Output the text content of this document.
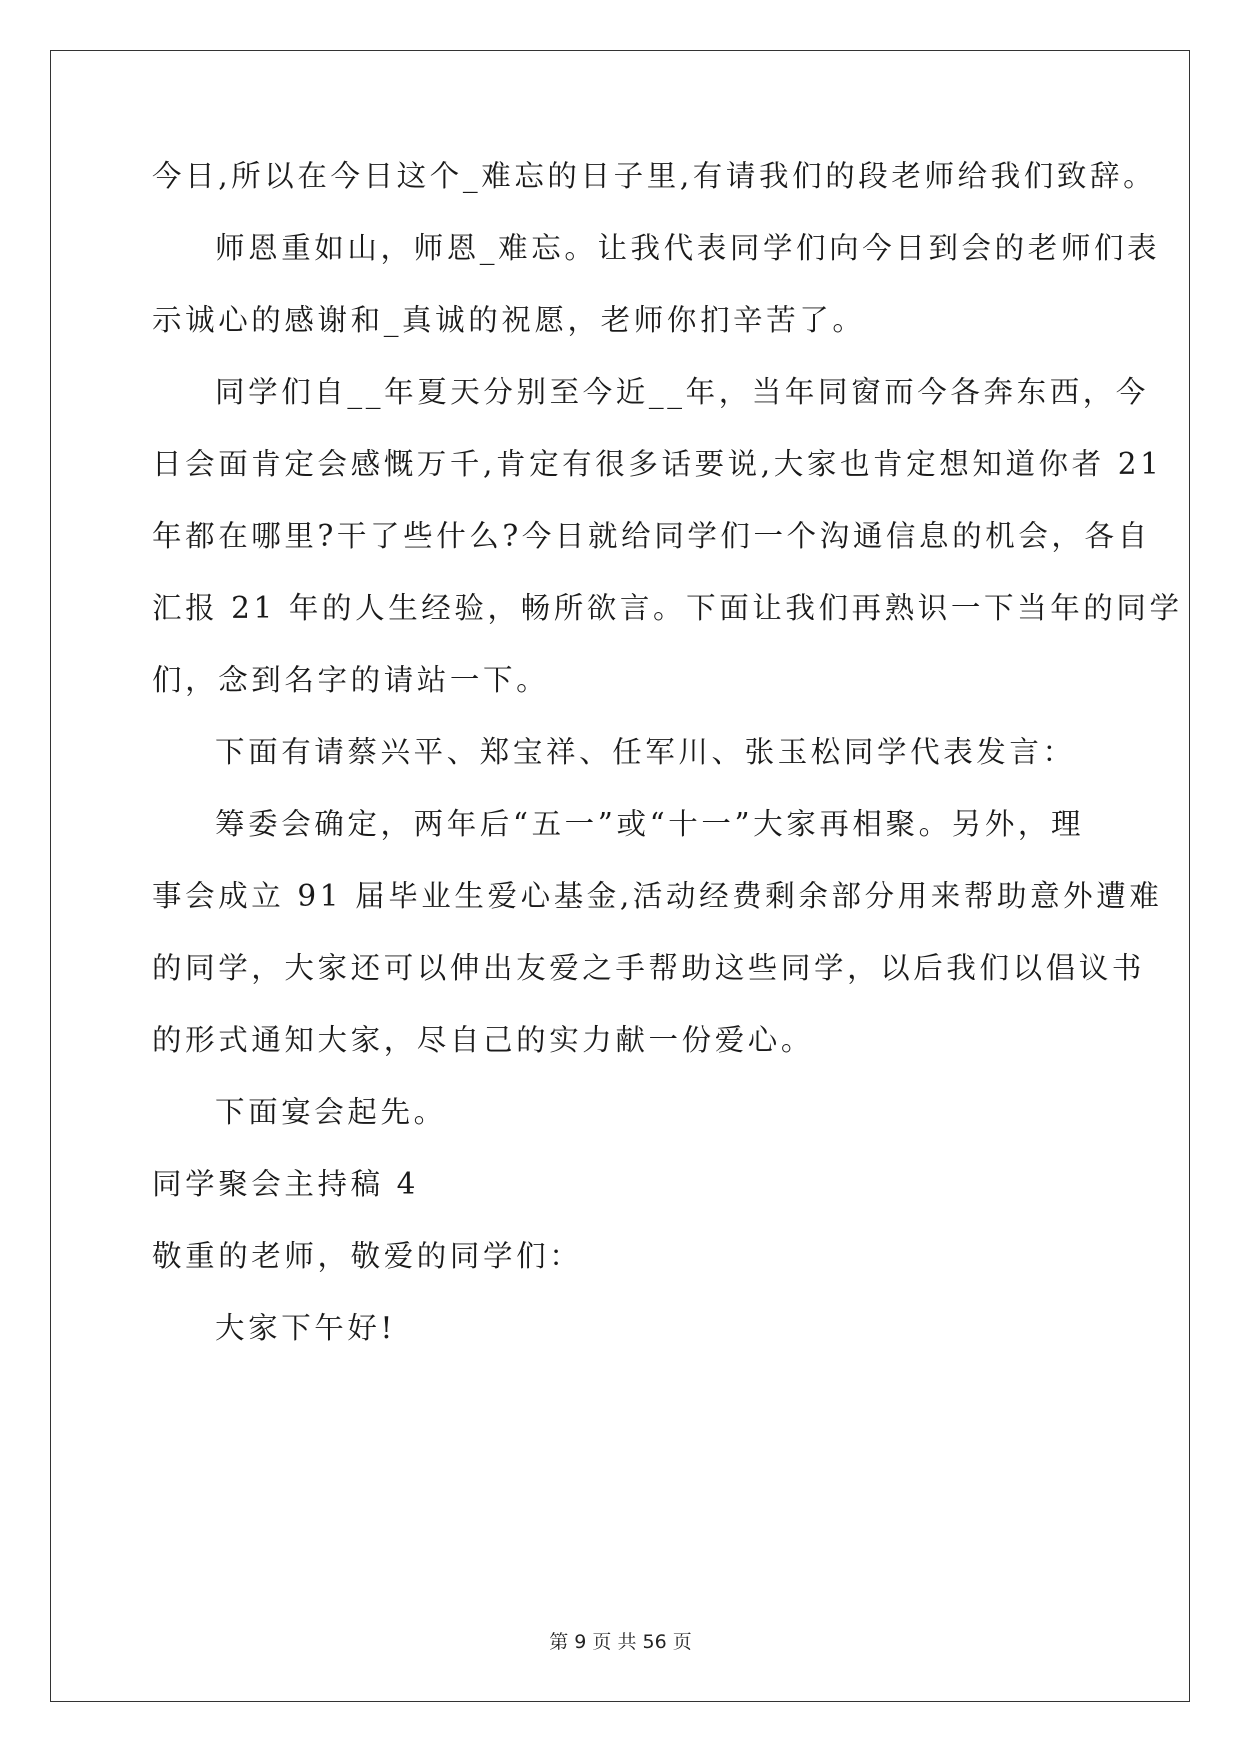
今日,所以在今日这个_难忘的日子里,有请我们的段老师给我们致辞。
师恩重如山，师恩_难忘。让我代表同学们向今日到会的老师们表
示诚心的感谢和_真诚的祝愿，老师你扪辛苦了。
同学们自__年夏天分别至今近__年，当年同窗而今各奔东西，今
日会面肯定会感慨万千,肯定有很多话要说,大家也肯定想知道你者 21
年都在哪里?干了些什么?今日就给同学们一个沟通信息的机会，各自
汇报 21 年的人生经验，畅所欲言。下面让我们再熟识一下当年的同学
们，念到名字的请站一下。
下面有请蔡兴平、郑宝祥、任军川、张玉松同学代表发言：
筹委会确定，两年后“五一”或“十一”大家再相聚。另外，理
事会成立 91 届毕业生爱心基金,活动经费剩余部分用来帮助意外遭难
的同学，大家还可以伸出友爱之手帮助这些同学，以后我们以倡议书
的形式通知大家，尽自己的实力献一份爱心。
下面宴会起先。
同学聚会主持稿 4
敬重的老师，敬爱的同学们：
大家下午好!
第 9 页 共 56 页
